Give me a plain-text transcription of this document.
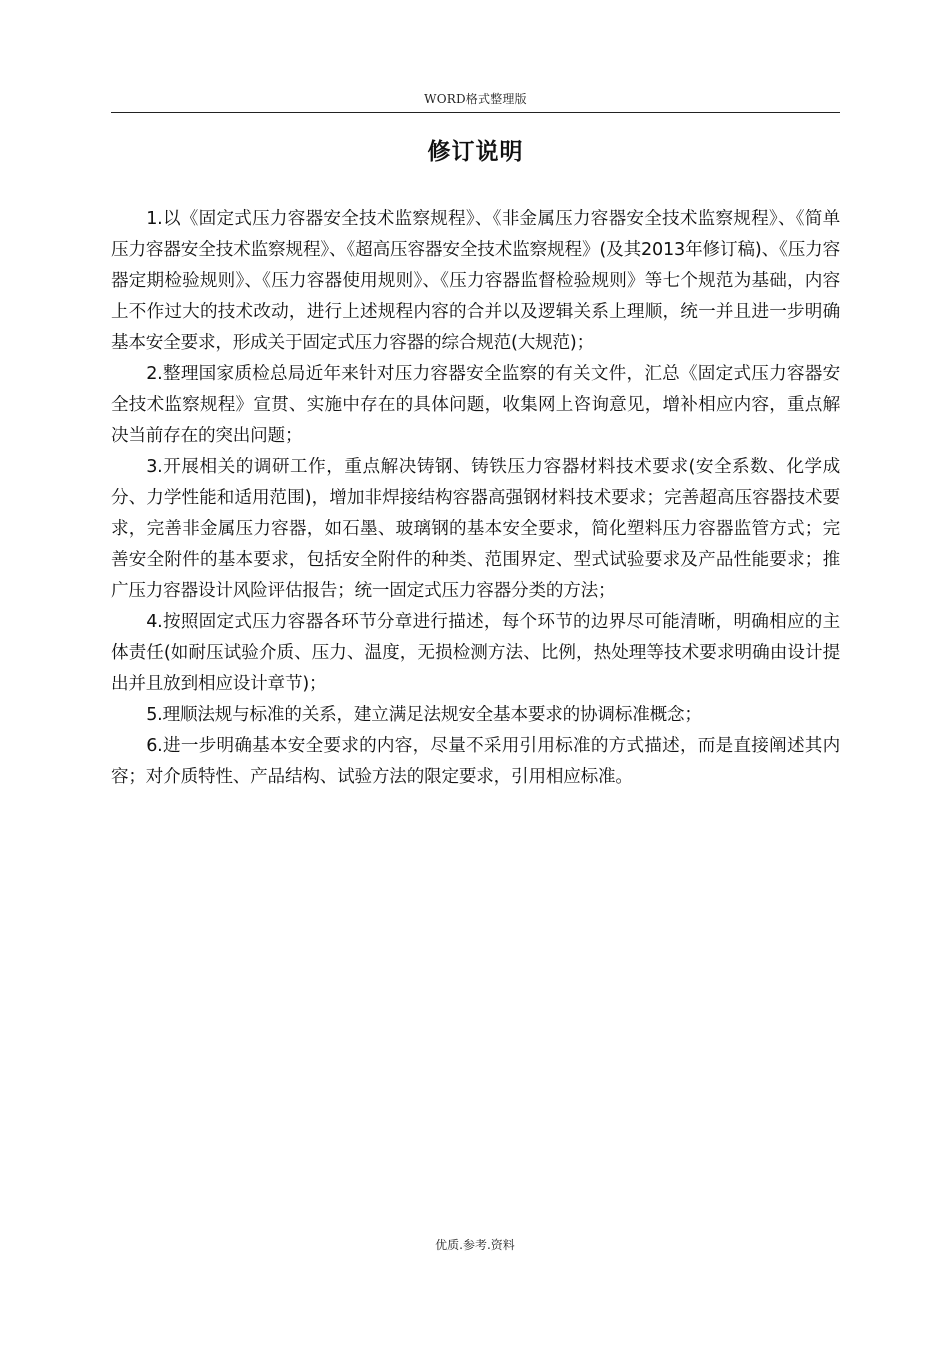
WORD格式整理版
修订说明

1.以《固定式压力容器安全技术监察规程》、《非金属压力容器安全技术监察规程》、《简单压力容器安全技术监察规程》、《超高压容器安全技术监察规程》(及其2013年修订稿)、《压力容器定期检验规则》、《压力容器使用规则》、《压力容器监督检验规则》等七个规范为基础，内容上不作过大的技术改动，进行上述规程内容的合并以及逻辑关系上理顺，统一并且进一步明确基本安全要求，形成关于固定式压力容器的综合规范(大规范)；

2.整理国家质检总局近年来针对压力容器安全监察的有关文件，汇总《固定式压力容器安全技术监察规程》宣贯、实施中存在的具体问题，收集网上咨询意见，增补相应内容，重点解决当前存在的突出问题；

3.开展相关的调研工作，重点解决铸钢、铸铁压力容器材料技术要求(安全系数、化学成分、力学性能和适用范围)，增加非焊接结构容器高强钢材料技术要求；完善超高压容器技术要求，完善非金属压力容器，如石墨、玻璃钢的基本安全要求，简化塑料压力容器监管方式；完善安全附件的基本要求，包括安全附件的种类、范围界定、型式试验要求及产品性能要求；推广压力容器设计风险评估报告；统一固定式压力容器分类的方法；

4.按照固定式压力容器各环节分章进行描述，每个环节的边界尽可能清晰，明确相应的主体责任(如耐压试验介质、压力、温度，无损检测方法、比例，热处理等技术要求明确由设计提出并且放到相应设计章节)；

5.理顺法规与标准的关系，建立满足法规安全基本要求的协调标准概念；

6.进一步明确基本安全要求的内容，尽量不采用引用标准的方式描述，而是直接阐述其内容；对介质特性、产品结构、试验方法的限定要求，引用相应标准。

优质.参考.资料
